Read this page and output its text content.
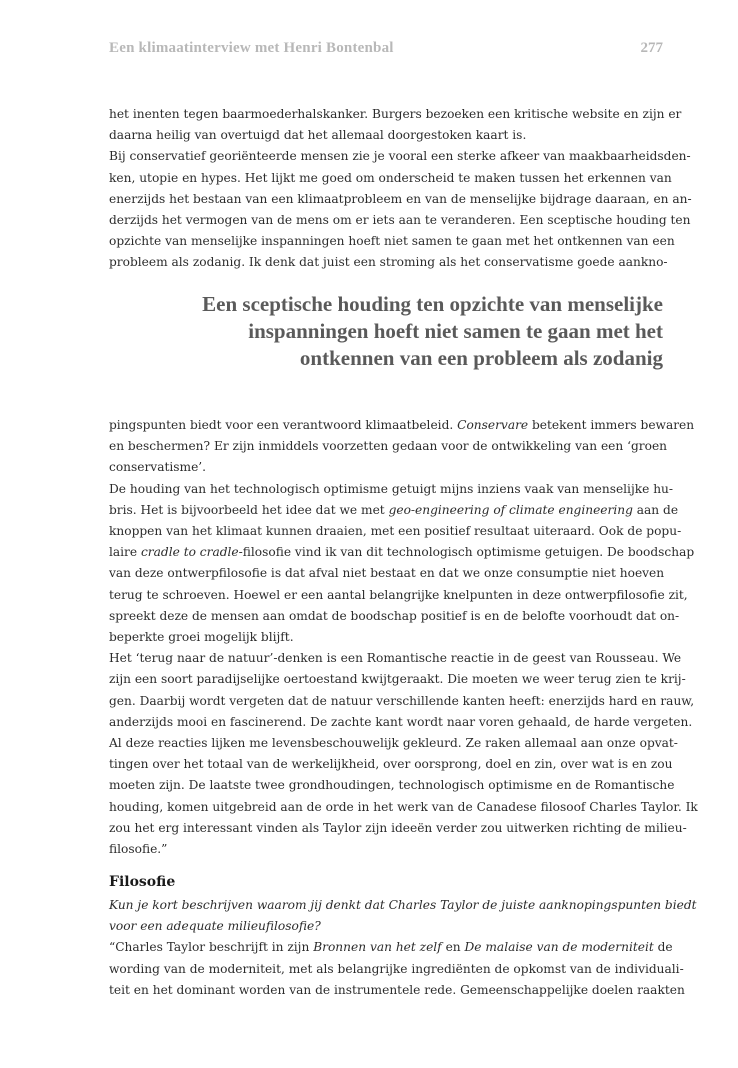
Een klimaatinterview met Henri Bontenbal	277

het inenten tegen baarmoederhalskanker. Burgers bezoeken een kritische website en zijn er
daarna heilig van overtuigd dat het allemaal doorgestoken kaart is.
Bij conservatief georiënteerde mensen zie je vooral een sterke afkeer van maakbaarheidsden-
ken, utopie en hypes. Het lijkt me goed om onderscheid te maken tussen het erkennen van
enerzijds het bestaan van een klimaatprobleem en van de menselijke bijdrage daaraan, en an-
derzijds het vermogen van de mens om er iets aan te veranderen. Een sceptische houding ten
opzichte van menselijke inspanningen hoeft niet samen te gaan met het ontkennen van een
probleem als zodanig. Ik denk dat juist een stroming als het conservatisme goede aankno-

Een sceptische houding ten opzichte van menselijke
inspanningen hoeft niet samen te gaan met het
ontkennen van een probleem als zodanig

pingspunten biedt voor een verantwoord klimaatbeleid. Conservare betekent immers bewaren
en beschermen? Er zijn inmiddels voorzetten gedaan voor de ontwikkeling van een ‘groen
conservatisme’.
De houding van het technologisch optimisme getuigt mijns inziens vaak van menselijke hu-
bris. Het is bijvoorbeeld het idee dat we met geo-engineering of climate engineering aan de
knoppen van het klimaat kunnen draaien, met een positief resultaat uiteraard. Ook de popu-
laire cradle to cradle-filosofie vind ik van dit technologisch optimisme getuigen. De boodschap
van deze ontwerpfilosofie is dat afval niet bestaat en dat we onze consumptie niet hoeven
terug te schroeven. Hoewel er een aantal belangrijke knelpunten in deze ontwerpfilosofie zit,
spreekt deze de mensen aan omdat de boodschap positief is en de belofte voorhoudt dat on-
beperkte groei mogelijk blijft.
Het ‘terug naar de natuur’-denken is een Romantische reactie in de geest van Rousseau. We
zijn een soort paradijselijke oertoestand kwijtgeraakt. Die moeten we weer terug zien te krij-
gen. Daarbij wordt vergeten dat de natuur verschillende kanten heeft: enerzijds hard en rauw,
anderzijds mooi en fascinerend. De zachte kant wordt naar voren gehaald, de harde vergeten.
Al deze reacties lijken me levensbeschouwelijk gekleurd. Ze raken allemaal aan onze opvat-
tingen over het totaal van de werkelijkheid, over oorsprong, doel en zin, over wat is en zou
moeten zijn. De laatste twee grondhoudingen, technologisch optimisme en de Romantische
houding, komen uitgebreid aan de orde in het werk van de Canadese filosoof Charles Taylor. Ik
zou het erg interessant vinden als Taylor zijn ideeën verder zou uitwerken richting de milieu-
filosofie.”

Filosofie

Kun je kort beschrijven waarom jij denkt dat Charles Taylor de juiste aanknopingspunten biedt
voor een adequate milieufilosofie?
“Charles Taylor beschrijft in zijn Bronnen van het zelf en De malaise van de moderniteit de
wording van de moderniteit, met als belangrijke ingrediënten de opkomst van de individuali-
teit en het dominant worden van de instrumentele rede. Gemeenschappelijke doelen raakten
